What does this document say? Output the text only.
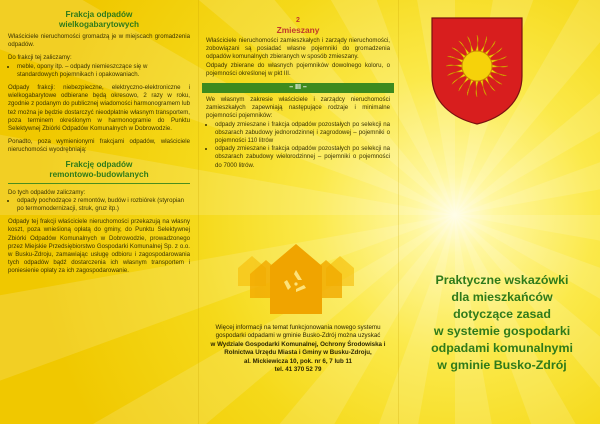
Frakcja odpadów
wielkogabarytowych
Właściciele nieruchomości gromadzą je w miejscach gromadzenia odpadów.
Do frakcji tej zaliczamy:
• meble, opony itp. – odpady niemieszczące się w standardowych pojemnikach i opakowaniach.
Odpady frakcji: niebezpieczne, elektryczno-elektroniczne i wielkogabarytowe odbierane będą okresowo, 2 razy w roku, zgodnie z podanym do publicznej wiadomości harmonogramem lub też można je będzie dostarczyć nieodpłatnie własnym transportem, poza terminem określonym w harmonogramie do Punktu Selektywnej Zbiórki Odpadów Komunalnych w Dobrowodzie.
Ponadto, poza wymienionymi frakcjami odpadów, właściciele nieruchomości wyodrębniają:
Frakcję odpadów
remontowo-budowlanych
Do tych odpadów zaliczamy:
• odpady pochodzące z remontów, budów i rozbiórek (styropian po termomodernizacji, struk, gruz itp.)
Odpady tej frakcji właściciele nieruchomości przekazują na własny koszt, poza wnieśioną opłatą do gminy, do Punktu Selektywnej Zbiórki Odpadów Komunalnych w Dobrowodzie, prowadzonego przez Miejskie Przedsiębiorstwo Gospodarki Komunalnej Sp. z o.o. w Busku-Zdroju, zamawiając usługę odbioru i zagospodarowania tych odpadów bądź dostarczenia ich własnym transportem i poniesienie opłaty za ich zagospodarowanie.
2
Zmieszany
Właściciele nieruchomości zamieszkałych i zarządy nieruchomości, zobowiązani są posiadać własne pojemniki do gromadzenia odpadów komunalnych zbieranych w sposób zmieszany.
Odpady zbierane do własnych pojemników dowolnego koloru, o pojemności określonej w pkt III.
– III –
We własnym zakresie właściciele i zarządcy nieruchomości zamieszkałych zapewniają następujące rodzaje i minimalne pojemności pojemników:
• odpady zmieszane i frakcja odpadów pozostałych po selekcji na obszarach zabudowy jednorodzinnej i zagrodowej – pojemniki o pojemności 110 litrów
• odpady zmieszane i frakcja odpadów pozostałych po selekcji na obszarach zabudowy wielorodzinnej – pojemniki o pojemności do 7000 litrów.
Więcej informacji na temat funkcjonowania nowego systemu gospodarki odpadami w gminie Busko-Zdrój można uzyskać
w Wydziale Gospodarki Komunalnej, Ochrony Środowiska i Rolnictwa Urzędu Miasta i Gminy w Busku-Zdroju,
al. Mickiewicza 10, pok. nr 6, 7 lub 11
tel. 41 370 52 79
Praktyczne wskazówki
dla mieszkańców
dotyczące zasad
w systemie gospodarki
odpadami komunalnymi
w gminie Busko-Zdrój
